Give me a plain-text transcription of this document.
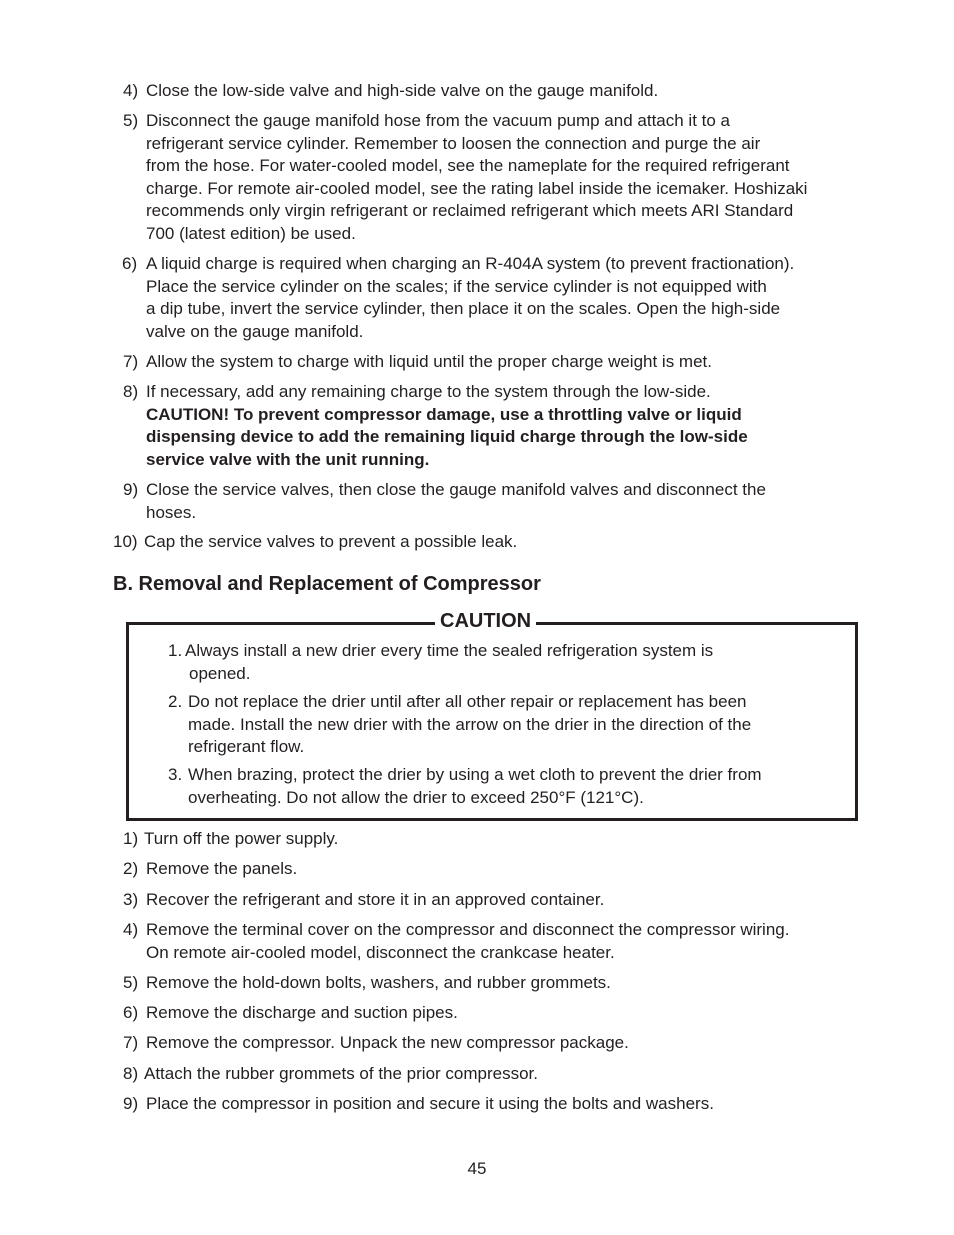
4) Close the low-side valve and high-side valve on the gauge manifold.

5) Disconnect the gauge manifold hose from the vacuum pump and attach it to a

refrigerant service cylinder. Remember to loosen the connection and purge the air

from the hose. For water-cooled model, see the nameplate for the required refrigerant

charge. For remote air-cooled model, see the rating label inside the icemaker. Hoshizaki

recommends only virgin refrigerant or reclaimed refrigerant which meets ARI Standard

700 (latest edition) be used.

6) A liquid charge is required when charging an R-404A system (to prevent fractionation).

Place the service cylinder on the scales; if the service cylinder is not equipped with

a dip tube, invert the service cylinder, then place it on the scales. Open the high-side

valve on the gauge manifold.

7) Allow the system to charge with liquid until the proper charge weight is met.

8) If necessary, add any remaining charge to the system through the low-side.

CAUTION! To prevent compressor damage, use a throttling valve or liquid

dispensing device to add the remaining liquid charge through the low-side

service valve with the unit running.

9) Close the service valves, then close the gauge manifold valves and disconnect the

hoses.

10) Cap the service valves to prevent a possible leak.

B. Removal and Replacement of Compressor
CAUTION
1. Always install a new drier every time the sealed refrigeration system is

opened.

2. Do not replace the drier until after all other repair or replacement has been

made. Install the new drier with the arrow on the drier in the direction of the

refrigerant flow.

3. When brazing, protect the drier by using a wet cloth to prevent the drier from

overheating. Do not allow the drier to exceed 250°F (121°C).

1) Turn off the power supply.

2) Remove the panels.

3) Recover the refrigerant and store it in an approved container.

4) Remove the terminal cover on the compressor and disconnect the compressor wiring.

On remote air-cooled model, disconnect the crankcase heater.

5) Remove the hold-down bolts, washers, and rubber grommets.

6) Remove the discharge and suction pipes.

7) Remove the compressor. Unpack the new compressor package.

8) Attach the rubber grommets of the prior compressor.

9) Place the compressor in position and secure it using the bolts and washers.

45
